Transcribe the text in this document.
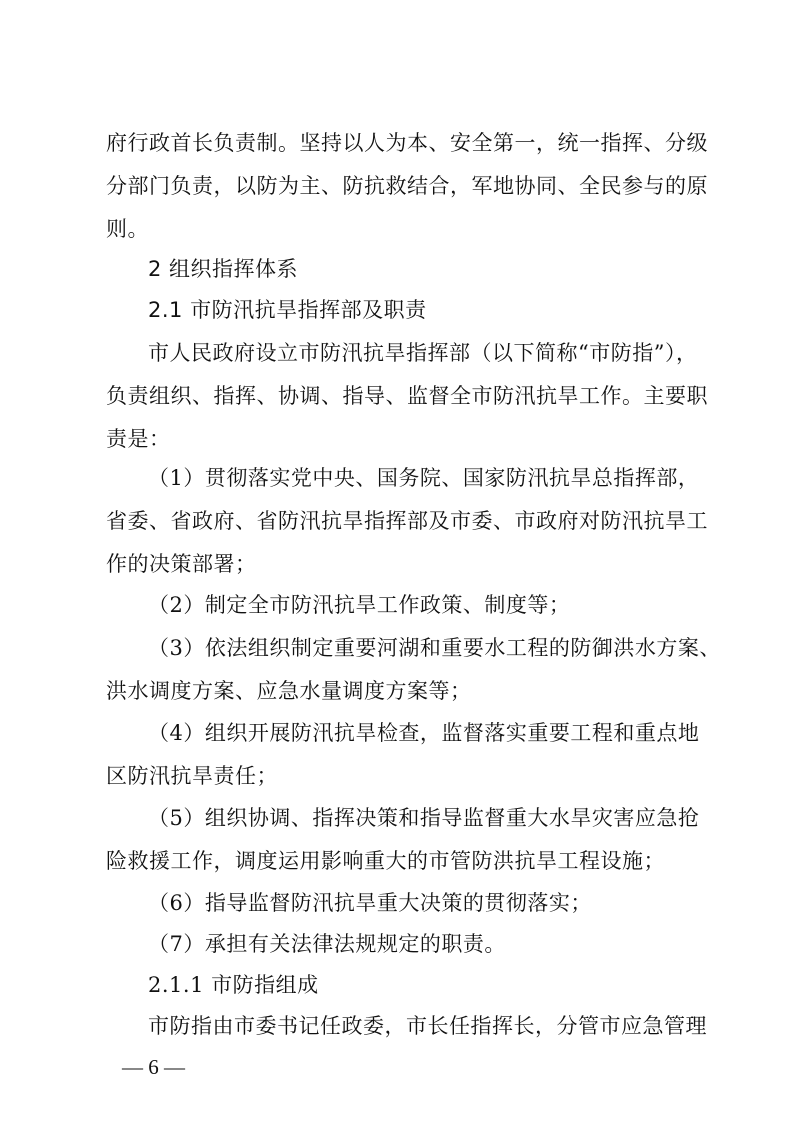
府行政首长负责制。坚持以人为本、安全第一，统一指挥、分级
分部门负责，以防为主、防抗救结合，军地协同、全民参与的原
则。
2 组织指挥体系
2.1 市防汛抗旱指挥部及职责
市人民政府设立市防汛抗旱指挥部（以下简称“市防指”），
负责组织、指挥、协调、指导、监督全市防汛抗旱工作。主要职
责是：
（1）贯彻落实党中央、国务院、国家防汛抗旱总指挥部，
省委、省政府、省防汛抗旱指挥部及市委、市政府对防汛抗旱工
作的决策部署；
（2）制定全市防汛抗旱工作政策、制度等；
（3）依法组织制定重要河湖和重要水工程的防御洪水方案、
洪水调度方案、应急水量调度方案等；
（4）组织开展防汛抗旱检查，监督落实重要工程和重点地
区防汛抗旱责任；
（5）组织协调、指挥决策和指导监督重大水旱灾害应急抢
险救援工作，调度运用影响重大的市管防洪抗旱工程设施；
（6）指导监督防汛抗旱重大决策的贯彻落实；
（7）承担有关法律法规规定的职责。
2.1.1 市防指组成
市防指由市委书记任政委，市长任指挥长，分管市应急管理
— 6 —
